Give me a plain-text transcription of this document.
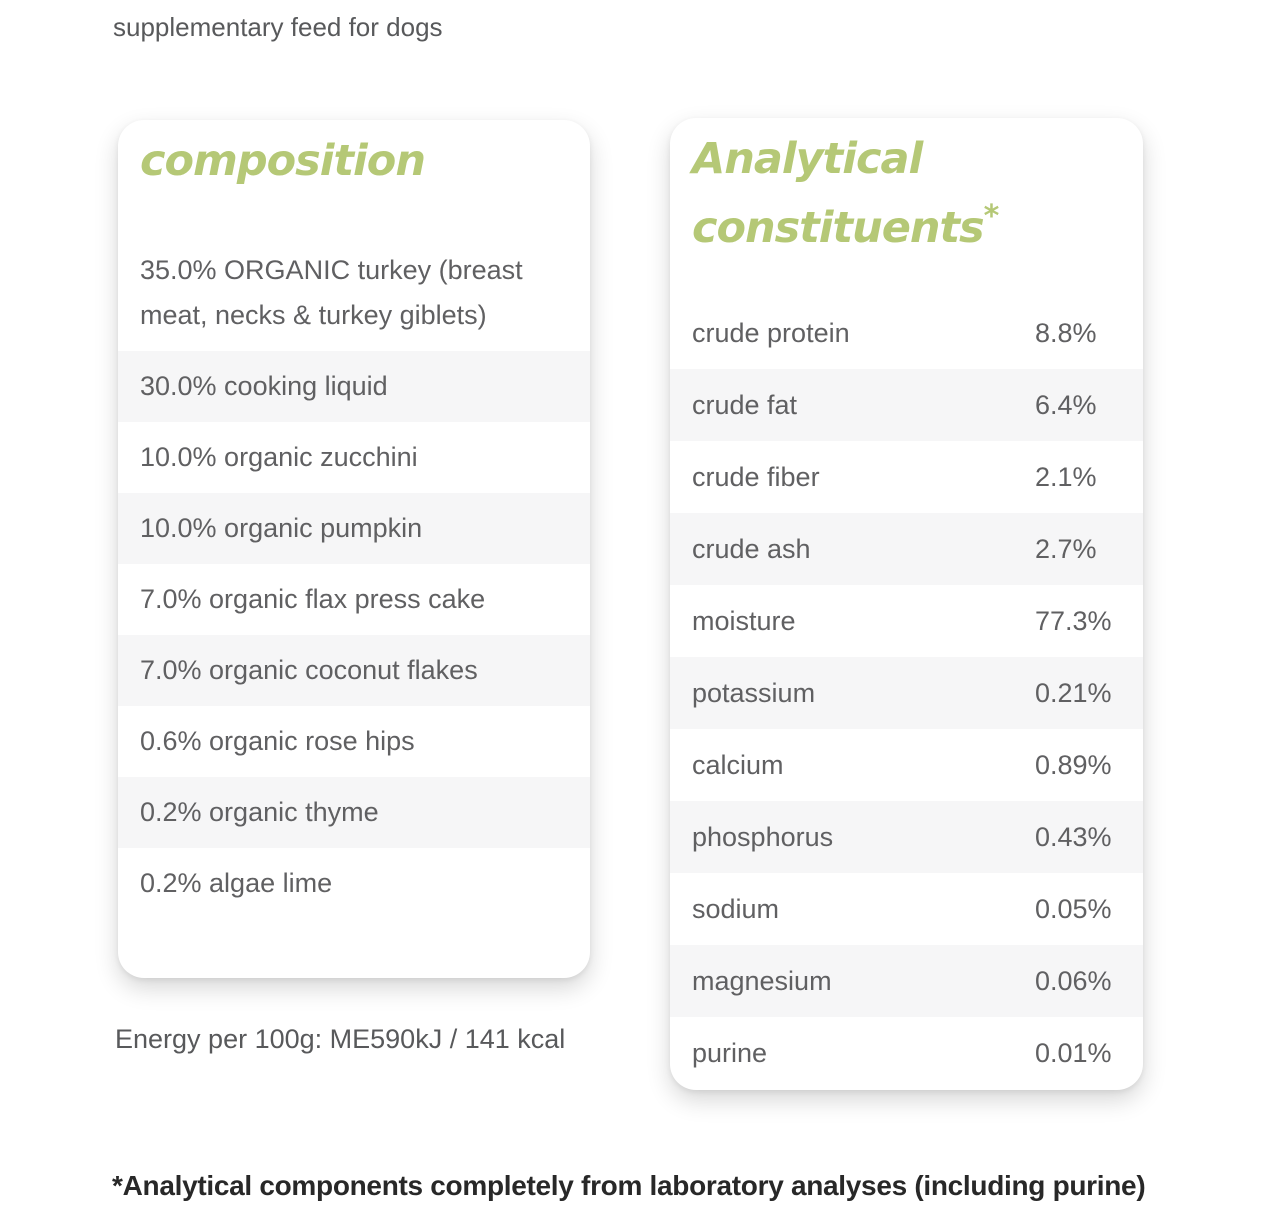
supplementary feed for dogs
composition
35.0% ORGANIC turkey (breast meat, necks & turkey giblets)
30.0% cooking liquid
10.0% organic zucchini
10.0% organic pumpkin
7.0% organic flax press cake
7.0% organic coconut flakes
0.6% organic rose hips
0.2% organic thyme
0.2% algae lime
Analytical constituents*
crude protein	8.8%
crude fat	6.4%
crude fiber	2.1%
crude ash	2.7%
moisture	77.3%
potassium	0.21%
calcium	0.89%
phosphorus	0.43%
sodium	0.05%
magnesium	0.06%
purine	0.01%
Energy per 100g: ME590kJ / 141 kcal
*Analytical components completely from laboratory analyses (including purine)
